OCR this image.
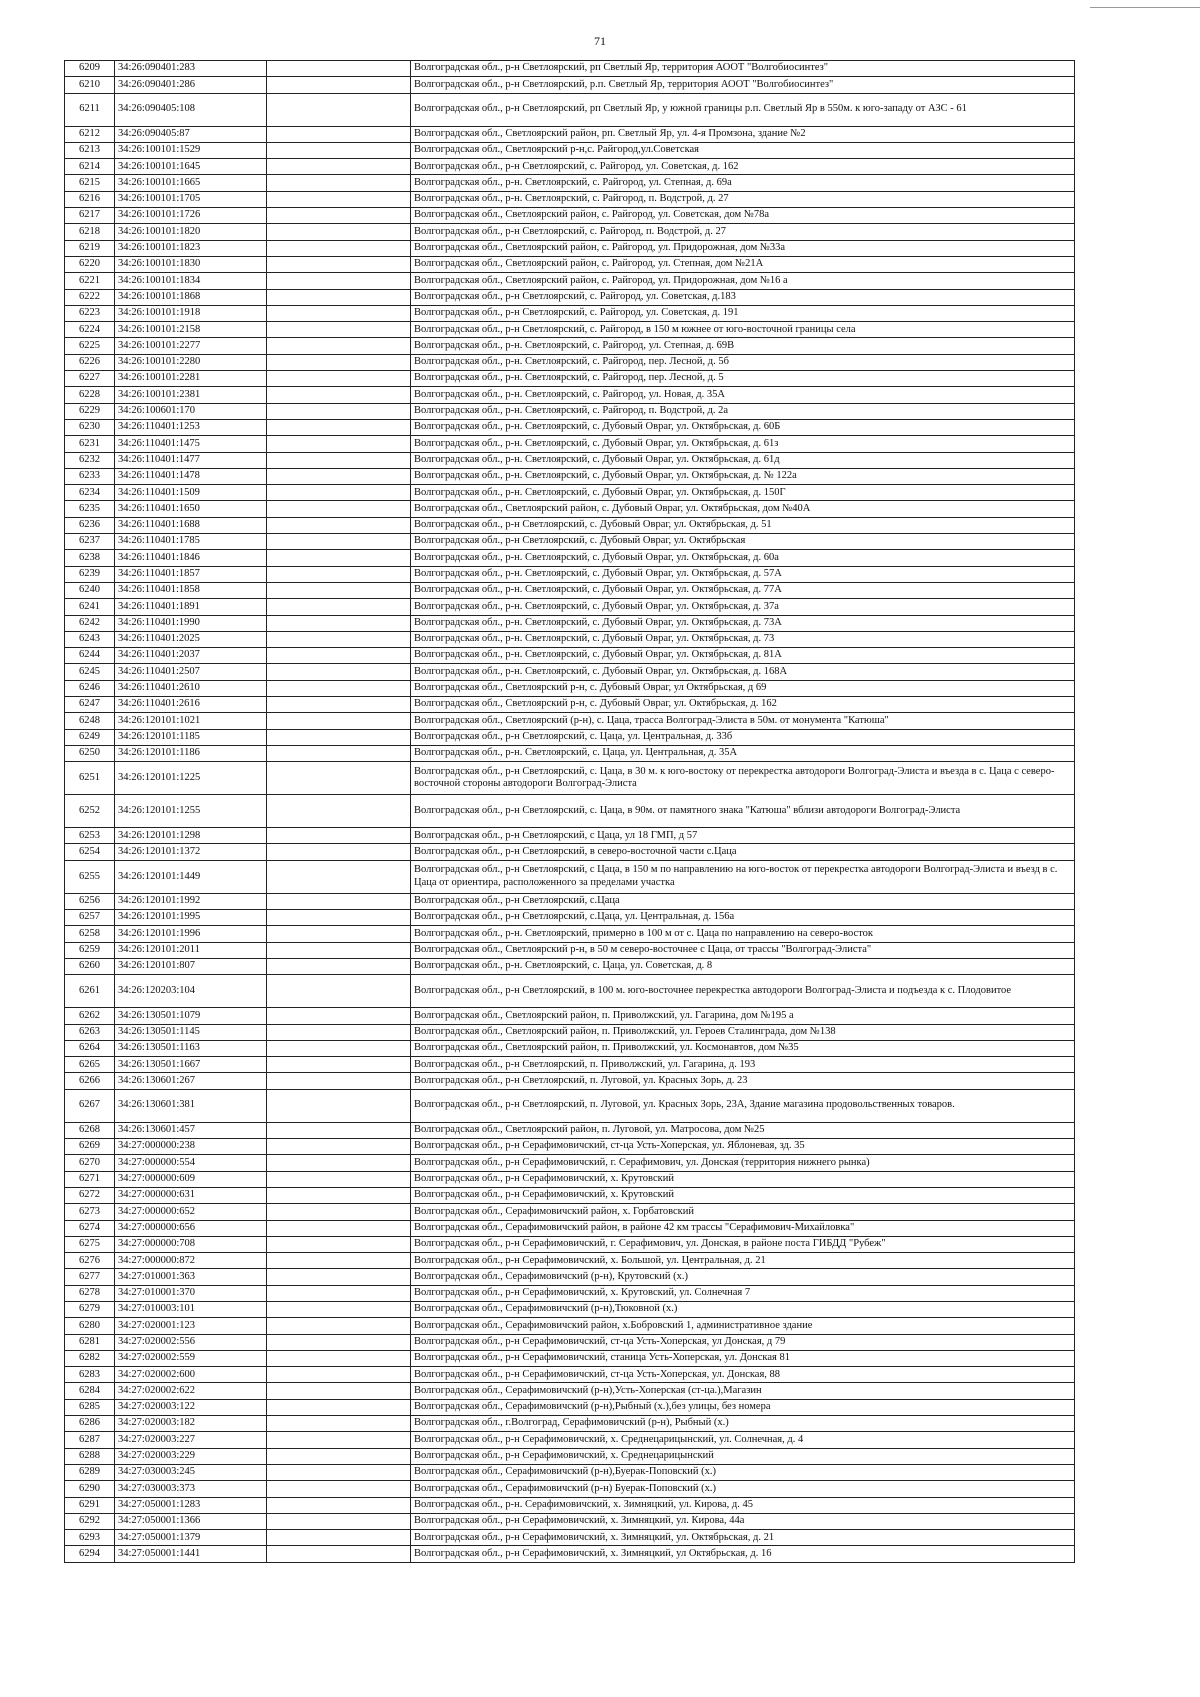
71
6209	34:26:090401:283		Волгоградская обл., р-н Светлоярский, рп Светлый Яр, территория АООТ "Волгобиосинтез"
6210	34:26:090401:286		Волгоградская обл., р-н Светлоярский, р.п. Светлый Яр, территория АООТ "Волгобиосинтез"
6211	34:26:090405:108		Волгоградская обл., р-н Светлоярский, рп Светлый Яр, у южной границы р.п. Светлый Яр в 550м. к юго-западу от АЗС - 61
6212	34:26:090405:87		Волгоградская обл., Светлоярский район, рп. Светлый Яр, ул. 4-я Промзона, здание №2
6213	34:26:100101:1529		Волгоградская обл., Светлоярский р-н,с. Райгород,ул.Советская
6214	34:26:100101:1645		Волгоградская обл., р-н Светлоярский, с. Райгород, ул. Советская, д. 162
6215	34:26:100101:1665		Волгоградская обл., р-н. Светлоярский, с. Райгород, ул. Степная, д. 69а
6216	34:26:100101:1705		Волгоградская обл., р-н. Светлоярский, с. Райгород, п. Водстрой, д. 27
6217	34:26:100101:1726		Волгоградская обл., Светлоярский район, с. Райгород, ул. Советская, дом №78а
6218	34:26:100101:1820		Волгоградская обл., р-н Светлоярский, с. Райгород, п. Водстрой, д. 27
6219	34:26:100101:1823		Волгоградская обл., Светлоярский район, с. Райгород, ул. Придорожная, дом №33а
6220	34:26:100101:1830		Волгоградская обл., Светлоярский район, с. Райгород, ул. Степная, дом №21А
6221	34:26:100101:1834		Волгоградская обл., Светлоярский район, с. Райгород, ул. Придорожная, дом №16 а
6222	34:26:100101:1868		Волгоградская обл., р-н Светлоярский, с. Райгород, ул. Советская, д.183
6223	34:26:100101:1918		Волгоградская обл., р-н Светлоярский, с. Райгород, ул. Советская, д. 191
6224	34:26:100101:2158		Волгоградская обл., р-н Светлоярский, с. Райгород, в 150 м южнее от юго-восточной границы села
6225	34:26:100101:2277		Волгоградская обл., р-н. Светлоярский, с. Райгород, ул. Степная, д. 69В
6226	34:26:100101:2280		Волгоградская обл., р-н. Светлоярский, с. Райгород, пер. Лесной, д. 5б
6227	34:26:100101:2281		Волгоградская обл., р-н. Светлоярский, с. Райгород, пер. Лесной, д. 5
6228	34:26:100101:2381		Волгоградская обл., р-н. Светлоярский, с. Райгород, ул. Новая, д. 35А
6229	34:26:100601:170		Волгоградская обл., р-н. Светлоярский, с. Райгород, п. Водстрой, д. 2а
6230	34:26:110401:1253		Волгоградская обл., р-н. Светлоярский, с. Дубовый Овраг, ул. Октябрьская, д. 60Б
6231	34:26:110401:1475		Волгоградская обл., р-н. Светлоярский, с. Дубовый Овраг, ул. Октябрьская, д. 61з
6232	34:26:110401:1477		Волгоградская обл., р-н. Светлоярский, с. Дубовый Овраг, ул. Октябрьская, д. 61д
6233	34:26:110401:1478		Волгоградская обл., р-н. Светлоярский, с. Дубовый Овраг, ул. Октябрьская, д. № 122а
6234	34:26:110401:1509		Волгоградская обл., р-н. Светлоярский, с. Дубовый Овраг, ул. Октябрьская, д. 150Г
6235	34:26:110401:1650		Волгоградская обл., Светлоярский район, с. Дубовый Овраг, ул. Октябрьская, дом №40А
6236	34:26:110401:1688		Волгоградская обл., р-н Светлоярский, с. Дубовый Овраг, ул. Октябрьская, д. 51
6237	34:26:110401:1785		Волгоградская обл., р-н Светлоярский, с. Дубовый Овраг, ул. Октябрьская
6238	34:26:110401:1846		Волгоградская обл., р-н. Светлоярский, с. Дубовый Овраг, ул. Октябрьская, д. 60а
6239	34:26:110401:1857		Волгоградская обл., р-н. Светлоярский, с. Дубовый Овраг, ул. Октябрьская, д. 57А
6240	34:26:110401:1858		Волгоградская обл., р-н. Светлоярский, с. Дубовый Овраг, ул. Октябрьская, д. 77А
6241	34:26:110401:1891		Волгоградская обл., р-н. Светлоярский, с. Дубовый Овраг, ул. Октябрьская, д. 37а
6242	34:26:110401:1990		Волгоградская обл., р-н. Светлоярский, с. Дубовый Овраг, ул. Октябрьская, д. 73А
6243	34:26:110401:2025		Волгоградская обл., р-н. Светлоярский, с. Дубовый Овраг, ул. Октябрьская, д. 73
6244	34:26:110401:2037		Волгоградская обл., р-н. Светлоярский, с. Дубовый Овраг, ул. Октябрьская, д. 81А
6245	34:26:110401:2507		Волгоградская обл., р-н. Светлоярский, с. Дубовый Овраг, ул. Октябрьская, д. 168А
6246	34:26:110401:2610		Волгоградская обл., Светлоярский р-н, с. Дубовый Овраг, ул Октябрьская, д 69
6247	34:26:110401:2616		Волгоградская обл., Светлоярский р-н, с. Дубовый Овраг, ул. Октябрьская, д. 162
6248	34:26:120101:1021		Волгоградская обл., Светлоярский (р-н), с. Цаца, трасса Волгоград-Элиста в 50м. от монумента "Катюша"
6249	34:26:120101:1185		Волгоградская обл., р-н Светлоярский, с. Цаца, ул. Центральная, д. 33б
6250	34:26:120101:1186		Волгоградская обл., р-н. Светлоярский, с. Цаца, ул. Центральная, д. 35А
6251	34:26:120101:1225		Волгоградская обл., р-н Светлоярский, с. Цаца, в 30 м. к юго-востоку от перекрестка автодороги Волгоград-Элиста и въезда в с. Цаца с северо-восточной стороны автодороги Волгоград-Элиста
6252	34:26:120101:1255		Волгоградская обл., р-н Светлоярский, с. Цаца, в 90м. от памятного знака "Катюша" вблизи автодороги Волгоград-Элиста
6253	34:26:120101:1298		Волгоградская обл., р-н Светлоярский, с Цаца, ул 18 ГМП, д 57
6254	34:26:120101:1372		Волгоградская обл., р-н Светлоярский, в северо-восточной части с.Цаца
6255	34:26:120101:1449		Волгоградская обл., р-н Светлоярский, с Цаца, в 150 м по направлению на юго-восток от перекрестка автодороги Волгоград-Элиста и въезд в с. Цаца от ориентира, расположенного за пределами участка
6256	34:26:120101:1992		Волгоградская обл., р-н Светлоярский, с.Цаца
6257	34:26:120101:1995		Волгоградская обл., р-н Светлоярский, с.Цаца, ул. Центральная, д. 156а
6258	34:26:120101:1996		Волгоградская обл., р-н. Светлоярский, примерно в 100 м от с. Цаца по направлению на северо-восток
6259	34:26:120101:2011		Волгоградская обл., Светлоярский р-н, в 50 м северо-восточнее с Цаца, от трассы "Волгоград-Элиста"
6260	34:26:120101:807		Волгоградская обл., р-н. Светлоярский, с. Цаца, ул. Советская, д. 8
6261	34:26:120203:104		Волгоградская обл., р-н Светлоярский, в 100 м. юго-восточнее перекрестка автодороги Волгоград-Элиста и подъезда к с. Плодовитое
6262	34:26:130501:1079		Волгоградская обл., Светлоярский район, п. Приволжский, ул. Гагарина, дом №195 а
6263	34:26:130501:1145		Волгоградская обл., Светлоярский район, п. Приволжский, ул. Героев Сталинграда, дом №138
6264	34:26:130501:1163		Волгоградская обл., Светлоярский район, п. Приволжский, ул. Космонавтов, дом №35
6265	34:26:130501:1667		Волгоградская обл., р-н Светлоярский, п. Приволжский, ул. Гагарина, д. 193
6266	34:26:130601:267		Волгоградская обл., р-н Светлоярский, п. Луговой, ул. Красных Зорь, д. 23
6267	34:26:130601:381		Волгоградская обл., р-н Светлоярский, п. Луговой, ул. Красных Зорь, 23А, Здание магазина продовольственных товаров.
6268	34:26:130601:457		Волгоградская обл., Светлоярский район, п. Луговой, ул. Матросова, дом №25
6269	34:27:000000:238		Волгоградская обл., р-н Серафимовичский, ст-ца Усть-Хоперская, ул. Яблоневая, зд. 35
6270	34:27:000000:554		Волгоградская обл., р-н Серафимовичский, г. Серафимович, ул. Донская (территория нижнего рынка)
6271	34:27:000000:609		Волгоградская обл., р-н Серафимовичский, х. Крутовский
6272	34:27:000000:631		Волгоградская обл., р-н Серафимовичский, х. Крутовский
6273	34:27:000000:652		Волгоградская обл., Серафимовичский район, х. Горбатовский
6274	34:27:000000:656		Волгоградская обл., Серафимовичский район, в районе 42 км трассы "Серафимович-Михайловка"
6275	34:27:000000:708		Волгоградская обл., р-н Серафимовичский, г. Серафимович, ул. Донская, в районе поста ГИБДД "Рубеж"
6276	34:27:000000:872		Волгоградская обл., р-н Серафимовичский, х. Большой, ул. Центральная, д. 21
6277	34:27:010001:363		Волгоградская обл., Серафимовичский (р-н), Крутовский (х.)
6278	34:27:010001:370		Волгоградская обл., р-н Серафимовичский, х. Крутовский, ул. Солнечная 7
6279	34:27:010003:101		Волгоградская обл., Серафимовичский (р-н),Тюковной (х.)
6280	34:27:020001:123		Волгоградская обл., Серафимовичский район, х.Бобровский 1, административное здание
6281	34:27:020002:556		Волгоградская обл., р-н Серафимовичский, ст-ца Усть-Хоперская, ул Донская, д 79
6282	34:27:020002:559		Волгоградская обл., р-н Серафимовичский, станица Усть-Хоперская, ул. Донская 81
6283	34:27:020002:600		Волгоградская обл., р-н Серафимовичский, ст-ца Усть-Хоперская, ул. Донская, 88
6284	34:27:020002:622		Волгоградская обл., Серафимовичский (р-н),Усть-Хоперская (ст-ца.),Магазин
6285	34:27:020003:122		Волгоградская обл., Серафимовичский (р-н),Рыбный (х.),без улицы, без номера
6286	34:27:020003:182		Волгоградская обл., г.Волгоград, Серафимовичский (р-н), Рыбный (х.)
6287	34:27:020003:227		Волгоградская обл., р-н Серафимовичский, х. Среднецарицынский, ул. Солнечная, д. 4
6288	34:27:020003:229		Волгоградская обл., р-н Серафимовичский, х. Среднецарицынский
6289	34:27:030003:245		Волгоградская обл., Серафимовичский (р-н),Буерак-Поповский (х.)
6290	34:27:030003:373		Волгоградская обл., Серафимовичский (р-н) Буерак-Поповский (х.)
6291	34:27:050001:1283		Волгоградская обл., р-н. Серафимовичский, х. Зимняцкий, ул. Кирова, д. 45
6292	34:27:050001:1366		Волгоградская обл., р-н Серафимовичский, х. Зимняцкий, ул. Кирова, 44а
6293	34:27:050001:1379		Волгоградская обл., р-н Серафимовичский, х. Зимняцкий, ул. Октябрьская, д. 21
6294	34:27:050001:1441		Волгоградская обл., р-н Серафимовичский, х. Зимняцкий, ул Октябрьская, д. 16
